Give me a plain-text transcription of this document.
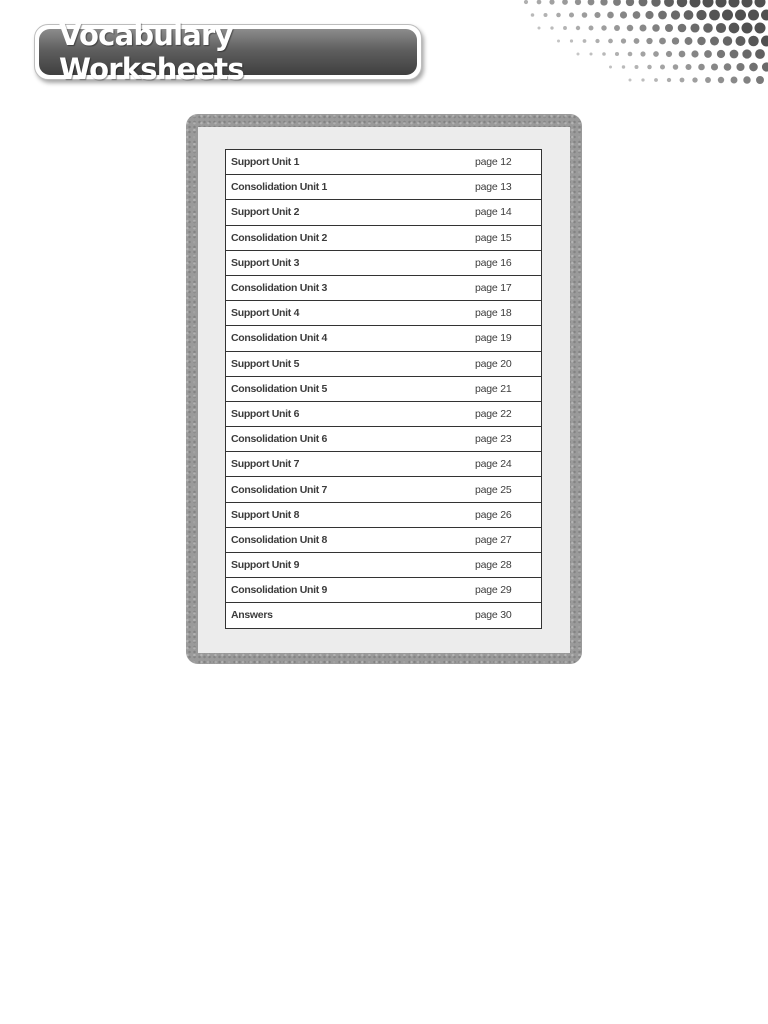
Vocabulary Worksheets
Support Unit 1	page 12
Consolidation Unit 1	page 13
Support Unit 2	page 14
Consolidation Unit 2	page 15
Support Unit 3	page 16
Consolidation Unit 3	page 17
Support Unit 4	page 18
Consolidation Unit 4	page 19
Support Unit 5	page 20
Consolidation Unit 5	page 21
Support Unit 6	page 22
Consolidation Unit 6	page 23
Support Unit 7	page 24
Consolidation Unit 7	page 25
Support Unit 8	page 26
Consolidation Unit 8	page 27
Support Unit 9	page 28
Consolidation Unit 9	page 29
Answers	page 30
